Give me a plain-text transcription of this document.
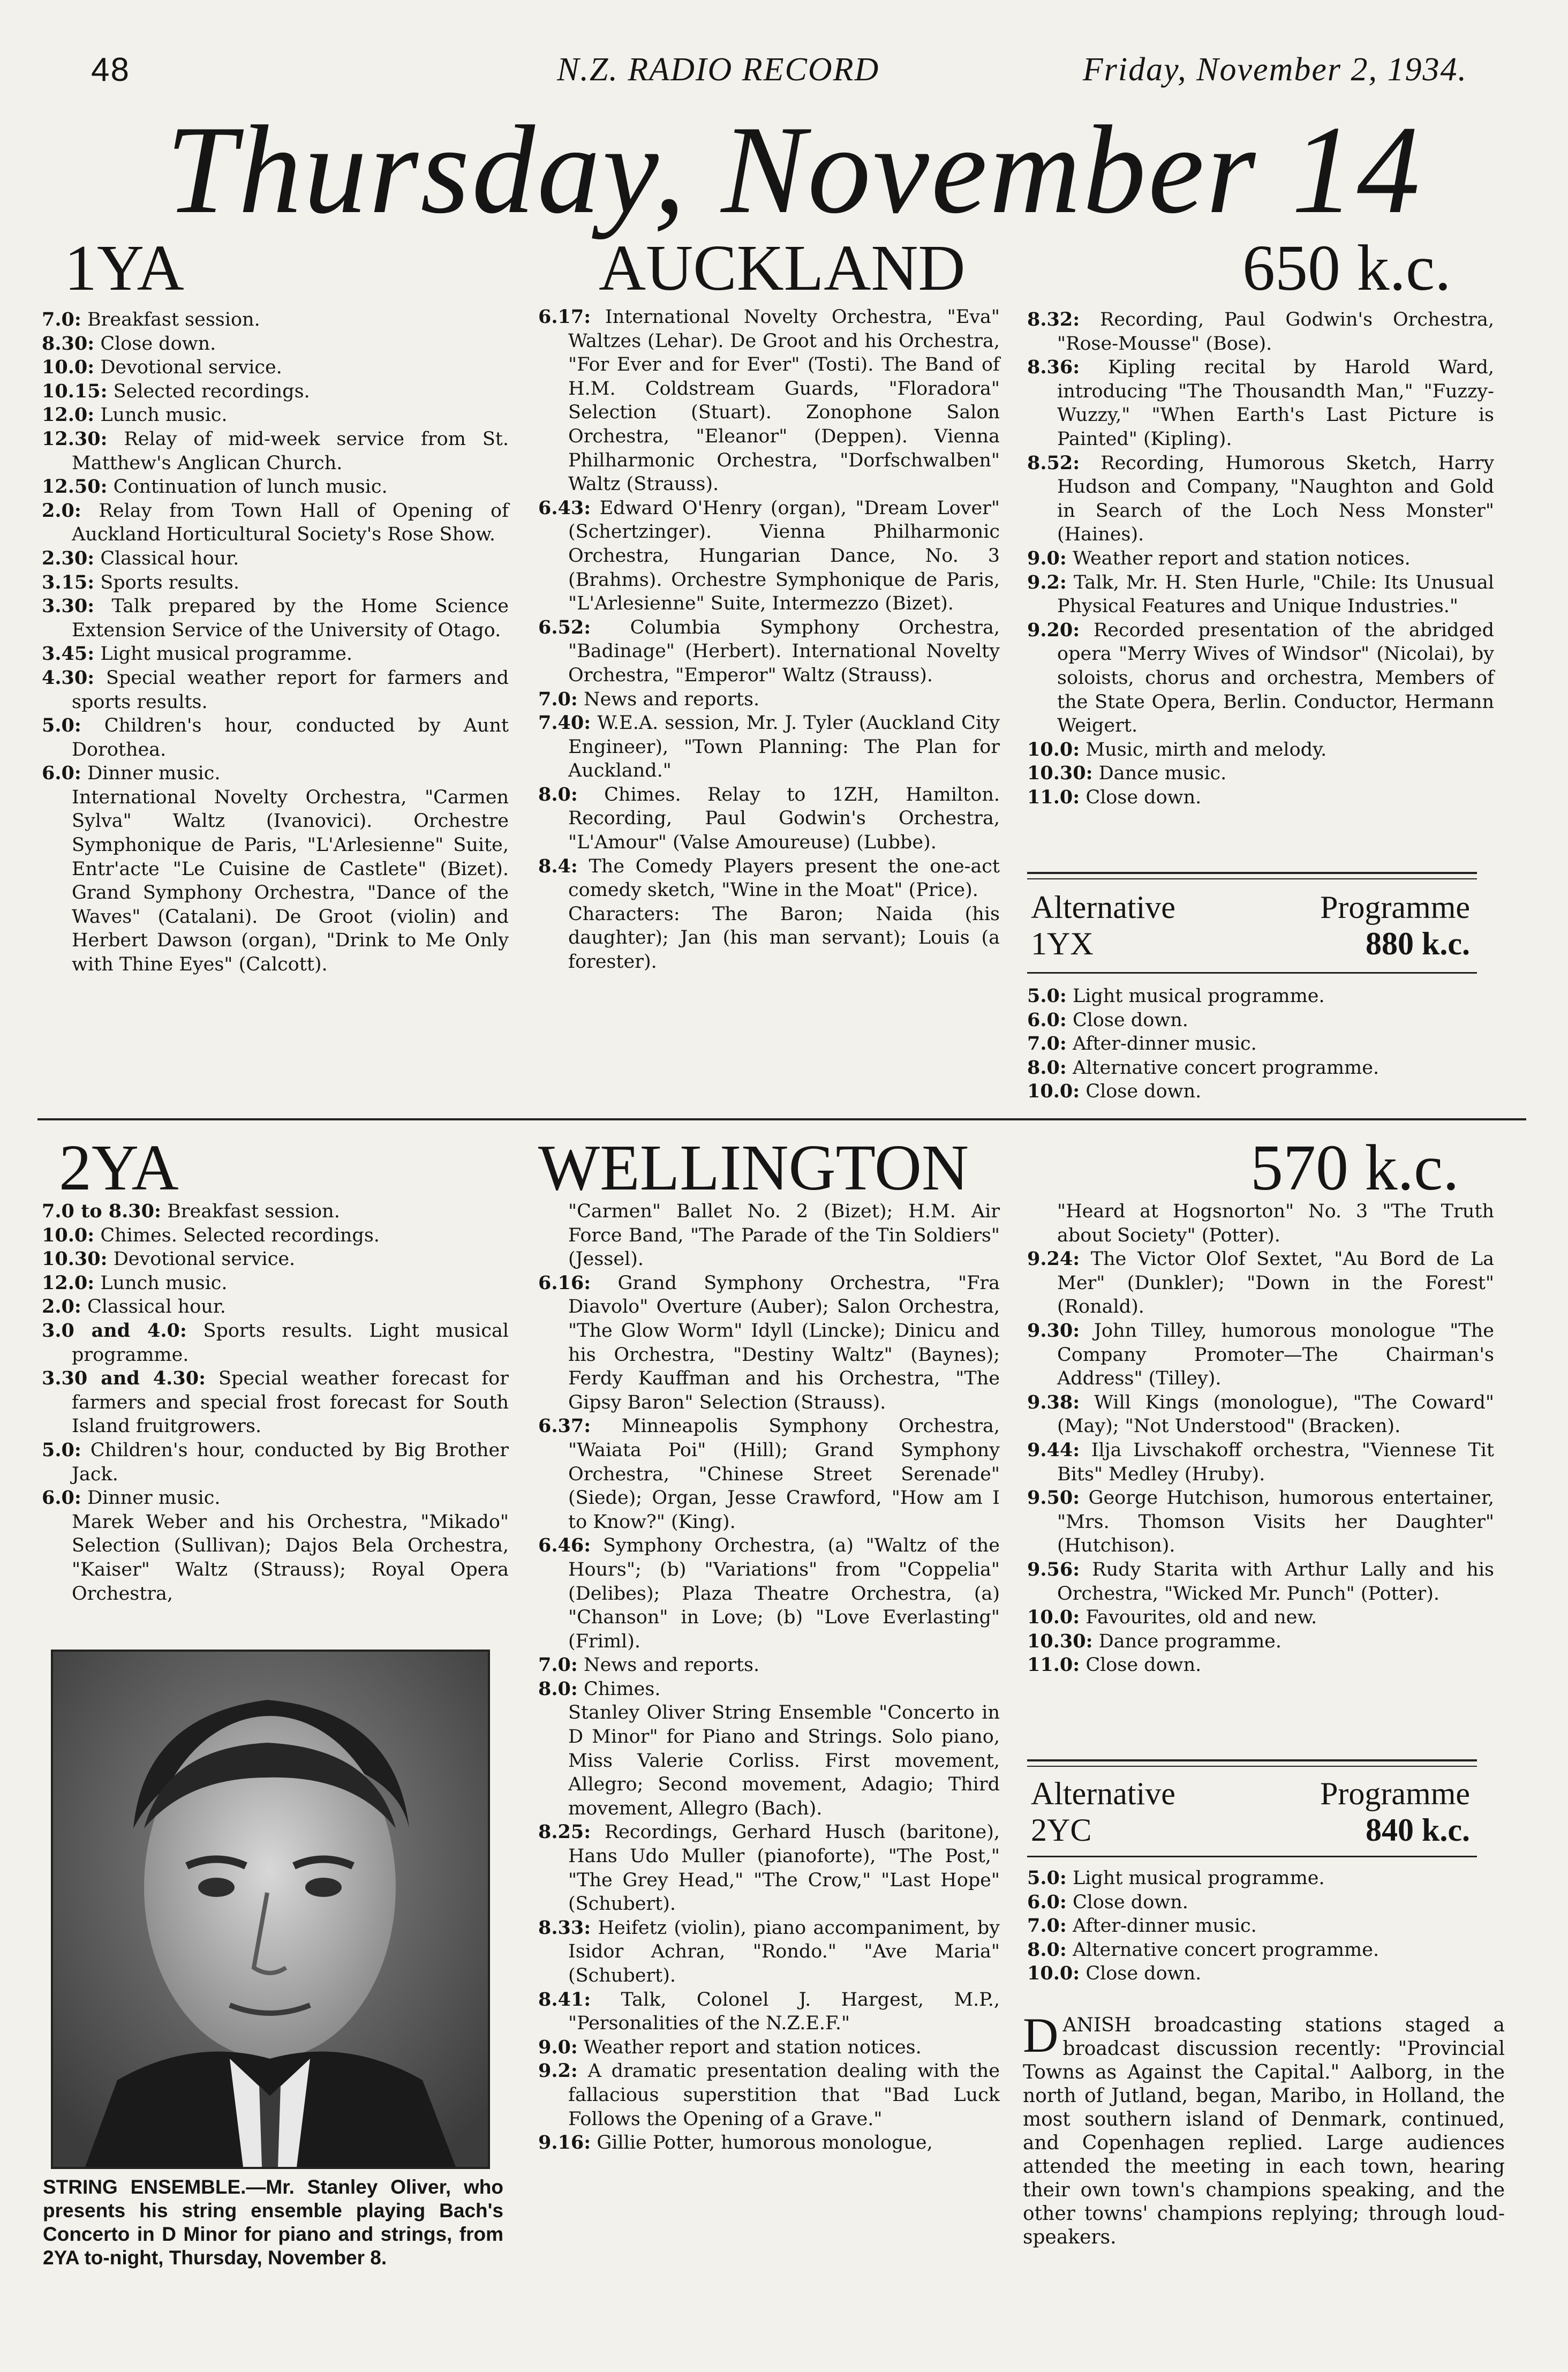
48	N.Z. RADIO RECORD	Friday, November 2, 1934.
Thursday, November 14
1YA	AUCKLAND	650 k.c.
7.0: Breakfast session.
8.30: Close down.
10.0: Devotional service.
10.15: Selected recordings.
12.0: Lunch music.
12.30: Relay of mid-week service from St. Matthew's Anglican Church.
12.50: Continuation of lunch music.
2.0: Relay from Town Hall of Opening of Auckland Horticultural Society's Rose Show.
2.30: Classical hour.
3.15: Sports results.
3.30: Talk prepared by the Home Science Extension Service of the University of Otago.
3.45: Light musical programme.
4.30: Special weather report for farmers and sports results.
5.0: Children's hour, conducted by Aunt Dorothea.
6.0: Dinner music.
International Novelty Orchestra, "Carmen Sylva" Waltz (Ivanovici). Orchestre Symphonique de Paris, "L'Arlesienne" Suite, Entr'acte "Le Cuisine de Castlete" (Bizet). Grand Symphony Orchestra, "Dance of the Waves" (Catalani). De Groot (violin) and Herbert Dawson (organ), "Drink to Me Only with Thine Eyes" (Calcott).
6.17: International Novelty Orchestra, "Eva" Waltzes (Lehar). De Groot and his Orchestra, "For Ever and for Ever" (Tosti). The Band of H.M. Coldstream Guards, "Floradora" Selection (Stuart). Zonophone Salon Orchestra, "Eleanor" (Deppen). Vienna Philharmonic Orchestra, "Dorfschwalben" Waltz (Strauss).
6.43: Edward O'Henry (organ), "Dream Lover" (Schertzinger). Vienna Philharmonic Orchestra, Hungarian Dance, No. 3 (Brahms). Orchestre Symphonique de Paris, "L'Arlesienne" Suite, Intermezzo (Bizet).
6.52: Columbia Symphony Orchestra, "Badinage" (Herbert). International Novelty Orchestra, "Emperor" Waltz (Strauss).
7.0: News and reports.
7.40: W.E.A. session, Mr. J. Tyler (Auckland City Engineer), "Town Planning: The Plan for Auckland."
8.0: Chimes. Relay to 1ZH, Hamilton. Recording, Paul Godwin's Orchestra, "L'Amour" (Valse Amoureuse) (Lubbe).
8.4: The Comedy Players present the one-act comedy sketch, "Wine in the Moat" (Price).
Characters: The Baron; Naida (his daughter); Jan (his man servant); Louis (a forester).
8.32: Recording, Paul Godwin's Orchestra, "Rose-Mousse" (Bose).
8.36: Kipling recital by Harold Ward, introducing "The Thousandth Man," "Fuzzy-Wuzzy," "When Earth's Last Picture is Painted" (Kipling).
8.52: Recording, Humorous Sketch, Harry Hudson and Company, "Naughton and Gold in Search of the Loch Ness Monster" (Haines).
9.0: Weather report and station notices.
9.2: Talk, Mr. H. Sten Hurle, "Chile: Its Unusual Physical Features and Unique Industries."
9.20: Recorded presentation of the abridged opera "Merry Wives of Windsor" (Nicolai), by soloists, chorus and orchestra, Members of the State Opera, Berlin. Conductor, Hermann Weigert.
10.0: Music, mirth and melody.
10.30: Dance music.
11.0: Close down.
Alternative	Programme
1YX	880 k.c.
5.0: Light musical programme.
6.0: Close down.
7.0: After-dinner music.
8.0: Alternative concert programme.
10.0: Close down.
2YA	WELLINGTON	570 k.c.
7.0 to 8.30: Breakfast session.
10.0: Chimes. Selected recordings.
10.30: Devotional service.
12.0: Lunch music.
2.0: Classical hour.
3.0 and 4.0: Sports results. Light musical programme.
3.30 and 4.30: Special weather forecast for farmers and special frost forecast for South Island fruitgrowers.
5.0: Children's hour, conducted by Big Brother Jack.
6.0: Dinner music.
Marek Weber and his Orchestra, "Mikado" Selection (Sullivan); Dajos Bela Orchestra, "Kaiser" Waltz (Strauss); Royal Opera Orchestra,
STRING ENSEMBLE.—Mr. Stanley Oliver, who presents his string ensemble playing Bach's Concerto in D Minor for piano and strings, from 2YA to-night, Thursday, November 8.
"Carmen" Ballet No. 2 (Bizet); H.M. Air Force Band, "The Parade of the Tin Soldiers" (Jessel).
6.16: Grand Symphony Orchestra, "Fra Diavolo" Overture (Auber); Salon Orchestra, "The Glow Worm" Idyll (Lincke); Dinicu and his Orchestra, "Destiny Waltz" (Baynes); Ferdy Kauffman and his Orchestra, "The Gipsy Baron" Selection (Strauss).
6.37: Minneapolis Symphony Orchestra, "Waiata Poi" (Hill); Grand Symphony Orchestra, "Chinese Street Serenade" (Siede); Organ, Jesse Crawford, "How am I to Know?" (King).
6.46: Symphony Orchestra, (a) "Waltz of the Hours"; (b) "Variations" from "Coppelia" (Delibes); Plaza Theatre Orchestra, (a) "Chanson" in Love; (b) "Love Everlasting" (Friml).
7.0: News and reports.
8.0: Chimes.
Stanley Oliver String Ensemble "Concerto in D Minor" for Piano and Strings. Solo piano, Miss Valerie Corliss. First movement, Allegro; Second movement, Adagio; Third movement, Allegro (Bach).
8.25: Recordings, Gerhard Husch (baritone), Hans Udo Muller (pianoforte), "The Post," "The Grey Head," "The Crow," "Last Hope" (Schubert).
8.33: Heifetz (violin), piano accompaniment, by Isidor Achran, "Rondo." "Ave Maria" (Schubert).
8.41: Talk, Colonel J. Hargest, M.P., "Personalities of the N.Z.E.F."
9.0: Weather report and station notices.
9.2: A dramatic presentation dealing with the fallacious superstition that "Bad Luck Follows the Opening of a Grave."
9.16: Gillie Potter, humorous monologue,
"Heard at Hogsnorton" No. 3 "The Truth about Society" (Potter).
9.24: The Victor Olof Sextet, "Au Bord de La Mer" (Dunkler); "Down in the Forest" (Ronald).
9.30: John Tilley, humorous monologue "The Company Promoter—The Chairman's Address" (Tilley).
9.38: Will Kings (monologue), "The Coward" (May); "Not Understood" (Bracken).
9.44: Ilja Livschakoff orchestra, "Viennese Tit Bits" Medley (Hruby).
9.50: George Hutchison, humorous entertainer, "Mrs. Thomson Visits her Daughter" (Hutchison).
9.56: Rudy Starita with Arthur Lally and his Orchestra, "Wicked Mr. Punch" (Potter).
10.0: Favourites, old and new.
10.30: Dance programme.
11.0: Close down.
Alternative	Programme
2YC	840 k.c.
5.0: Light musical programme.
6.0: Close down.
7.0: After-dinner music.
8.0: Alternative concert programme.
10.0: Close down.
DANISH broadcasting stations staged a broadcast discussion recently: "Provincial Towns as Against the Capital." Aalborg, in the north of Jutland, began, Maribo, in Holland, the most southern island of Denmark, continued, and Copenhagen replied. Large audiences attended the meeting in each town, hearing their own town's champions speaking, and the other towns' champions replying; through loud-speakers.
